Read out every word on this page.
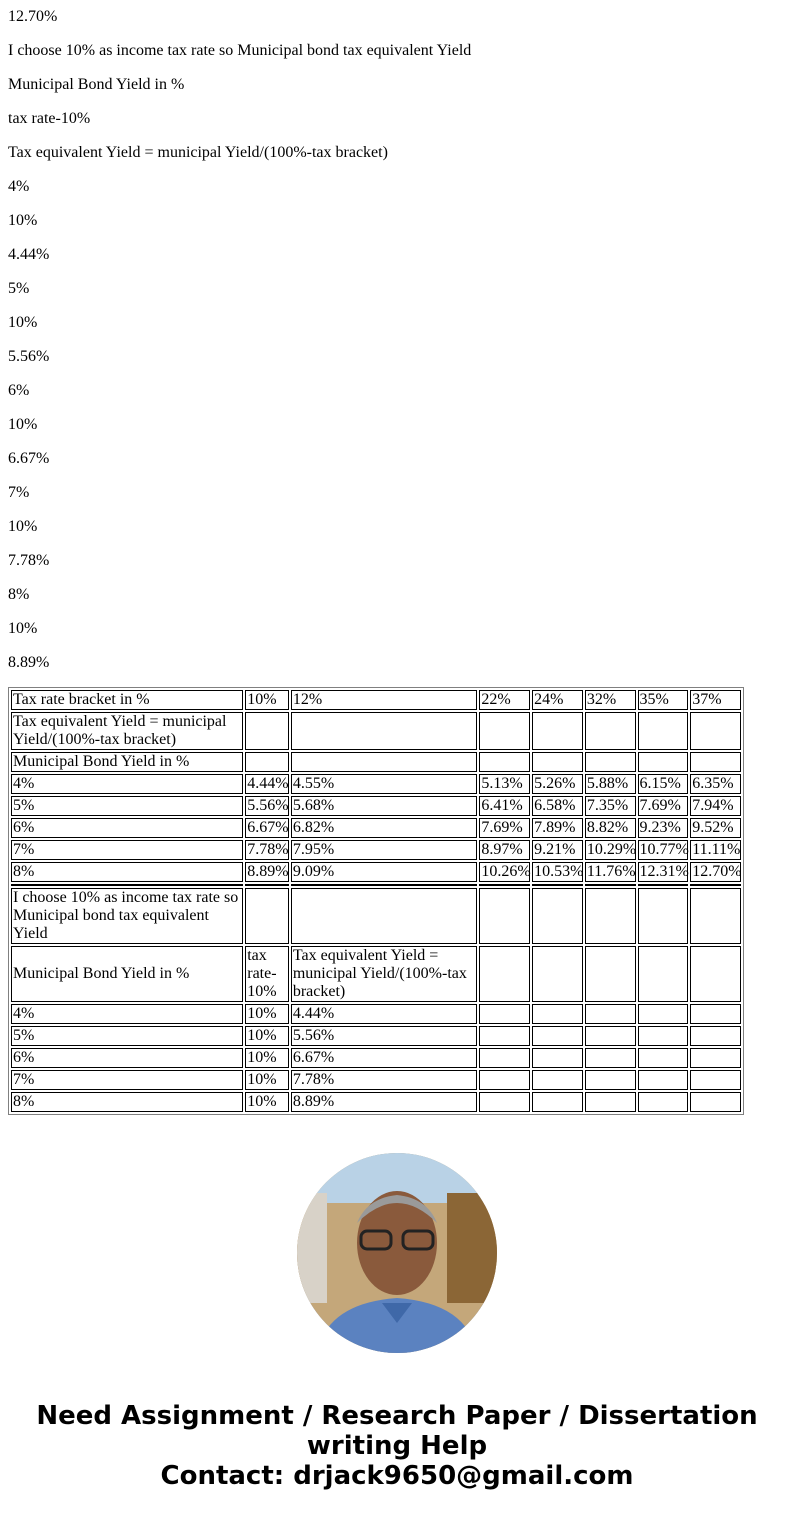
12.70%

I choose 10% as income tax rate so Municipal bond tax equivalent Yield

Municipal Bond Yield in %

tax rate-10%

Tax equivalent Yield = municipal Yield/(100%-tax bracket)

4%

10%

4.44%

5%

10%

5.56%

6%

10%

6.67%

7%

10%

7.78%

8%

10%

8.89%

Tax rate bracket in %	10%	12%	22%	24%	32%	35%	37%
Tax equivalent Yield = municipal Yield/(100%-tax bracket)							
Municipal Bond Yield in %							
4%	4.44%	4.55%	5.13%	5.26%	5.88%	6.15%	6.35%
5%	5.56%	5.68%	6.41%	6.58%	7.35%	7.69%	7.94%
6%	6.67%	6.82%	7.69%	7.89%	8.82%	9.23%	9.52%
7%	7.78%	7.95%	8.97%	9.21%	10.29%	10.77%	11.11%
8%	8.89%	9.09%	10.26%	10.53%	11.76%	12.31%	12.70%

I choose 10% as income tax rate so Municipal bond tax equivalent Yield							
Municipal Bond Yield in %	tax rate-10%	Tax equivalent Yield = municipal Yield/(100%-tax bracket)					
4%	10%	4.44%					
5%	10%	5.56%					
6%	10%	6.67%					
7%	10%	7.78%					
8%	10%	8.89%					
Need Assignment / Research Paper / Dissertation writing Help
Contact: drjack9650@gmail.com
